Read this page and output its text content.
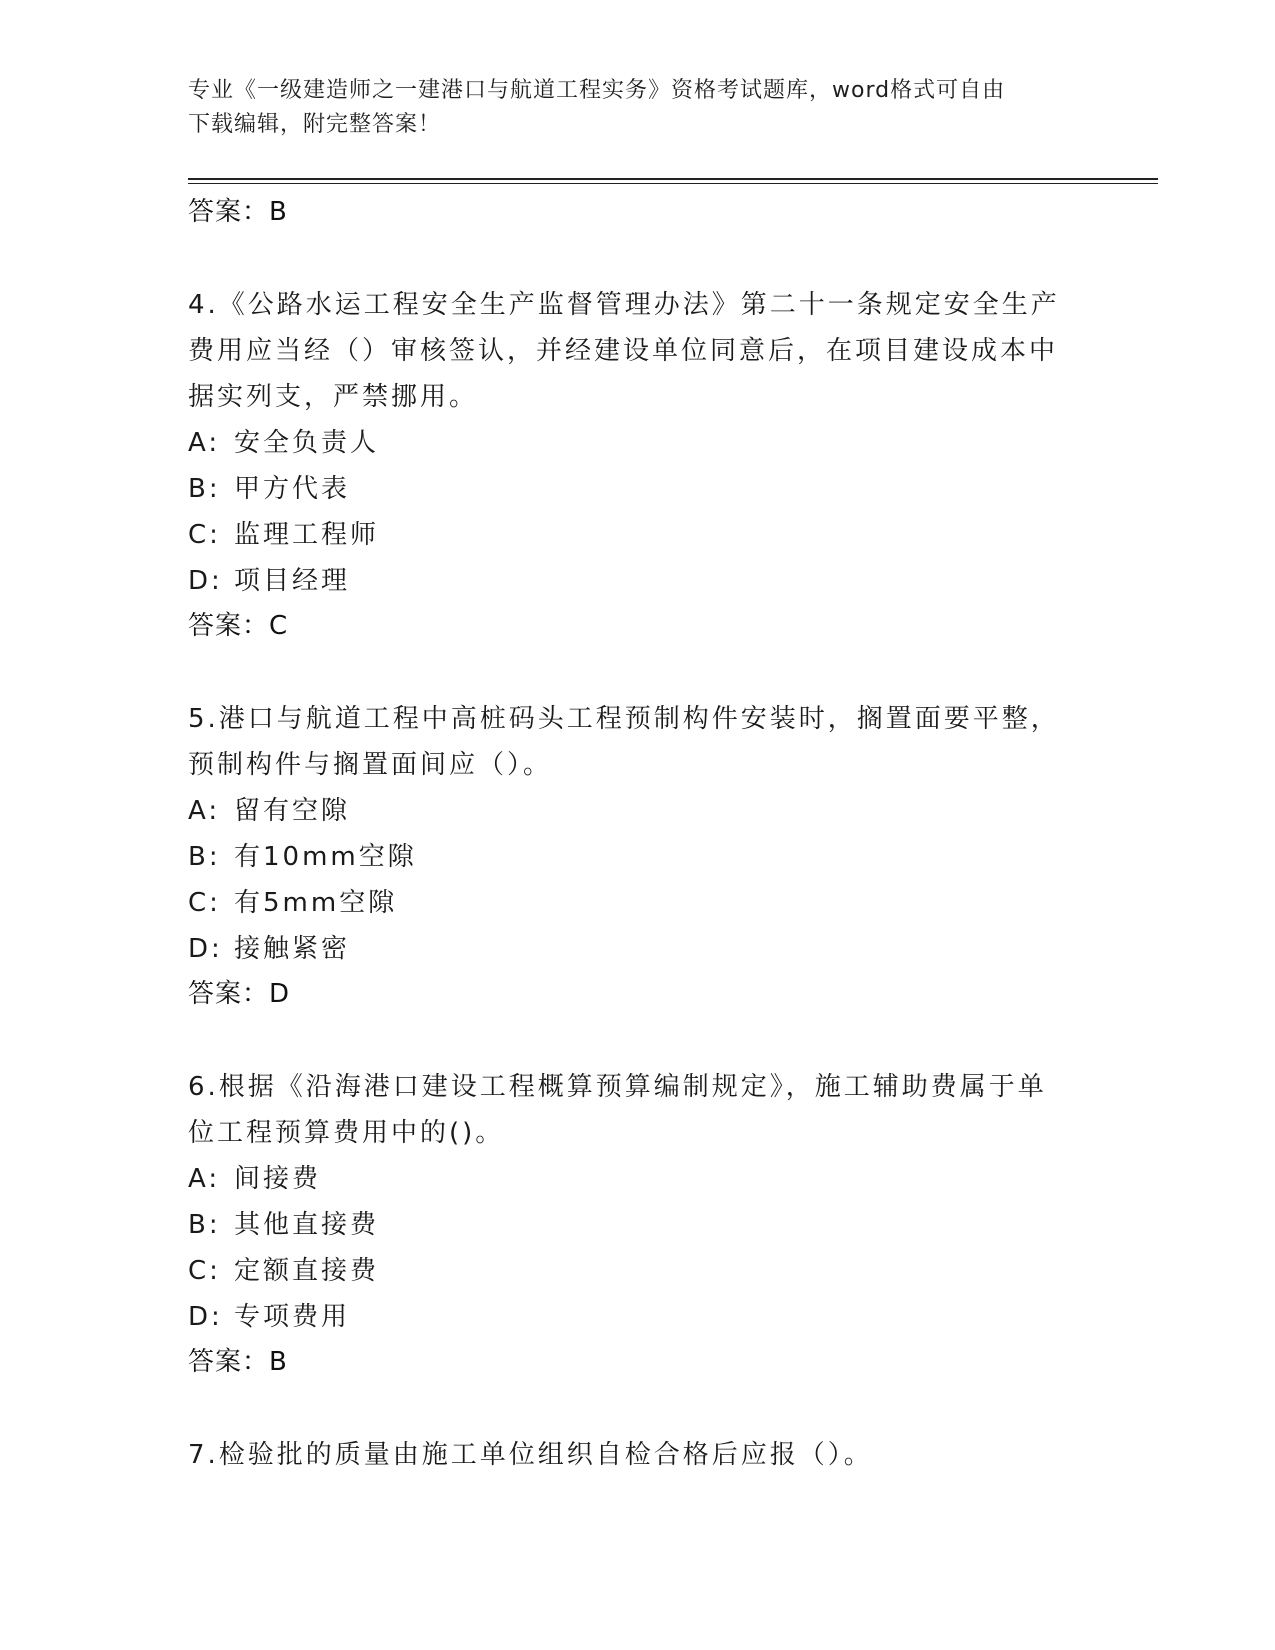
专业《一级建造师之一建港口与航道工程实务》资格考试题库，word格式可自由
下载编辑，附完整答案！
答案：B
4.《公路水运工程安全生产监督管理办法》第二十一条规定安全生产
费用应当经（）审核签认，并经建设单位同意后，在项目建设成本中
据实列支，严禁挪用。
A: 安全负责人
B: 甲方代表
C: 监理工程师
D: 项目经理
答案：C
5.港口与航道工程中高桩码头工程预制构件安装时，搁置面要平整，
预制构件与搁置面间应（）。
A: 留有空隙
B: 有10mm空隙
C: 有5mm空隙
D: 接触紧密
答案：D
6.根据《沿海港口建设工程概算预算编制规定》，施工辅助费属于单
位工程预算费用中的()。
A: 间接费
B: 其他直接费
C: 定额直接费
D: 专项费用
答案：B
7.检验批的质量由施工单位组织自检合格后应报（）。
